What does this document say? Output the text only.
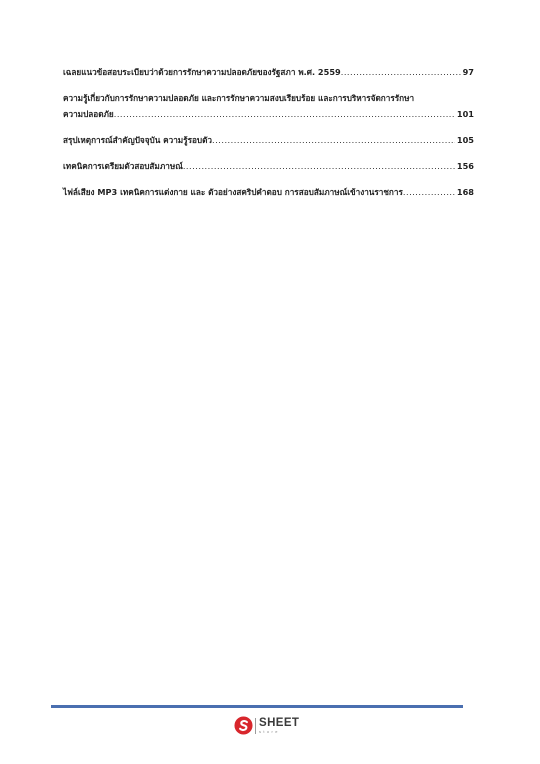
เฉลยแนวข้อสอบระเบียบว่าด้วยการรักษาความปลอดภัยของรัฐสภา พ.ศ. 2559 .....	97
ความรู้เกี่ยวกับการรักษาความปลอดภัย และการรักษาความสงบเรียบร้อย และการบริหารจัดการรักษา
ความปลอดภัย .....	101
สรุปเหตุการณ์สำคัญปัจจุบัน ความรู้รอบตัว .....	105
เทคนิคการเตรียมตัวสอบสัมภาษณ์ .....	156
ไฟล์เสียง MP3 เทคนิคการแต่งกาย และ ตัวอย่างสคริปคำตอบ การสอบสัมภาษณ์เข้างานราชการ .....	168
SHEET
store
